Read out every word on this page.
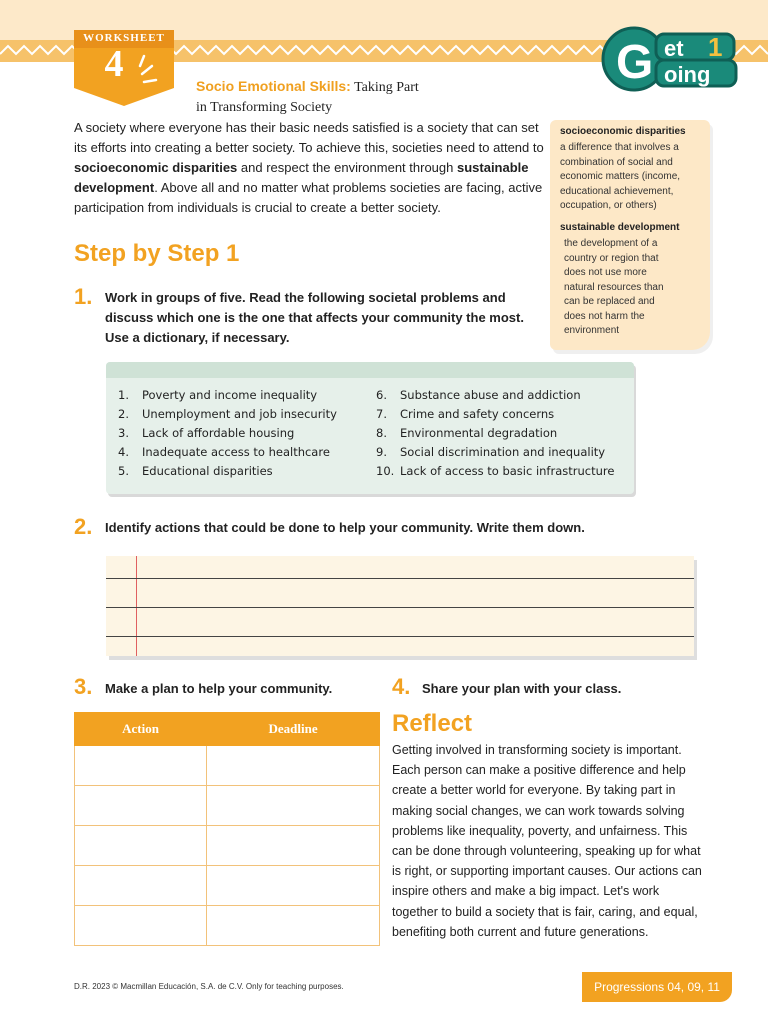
WORKSHEET
4
Socio Emotional Skills: Taking Part
in Transforming Society
G et 1
oing
A society where everyone has their basic needs satisfied is a society that can set its efforts into creating a better society. To achieve this, societies need to attend to socioeconomic disparities and respect the environment through sustainable development. Above all and no matter what problems societies are facing, active participation from individuals is crucial to create a better society.
socioeconomic disparities
a difference that involves a
combination of social and
economic matters (income,
educational achievement,
occupation, or others)
sustainable development
the development of a
country or region that
does not use more
natural resources than
can be replaced and
does not harm the
environment
Step by Step 1
1. Work in groups of five. Read the following societal problems and
discuss which one is the one that affects your community the most.
Use a dictionary, if necessary.
1. Poverty and income inequality
2. Unemployment and job insecurity
3. Lack of affordable housing
4. Inadequate access to healthcare
5. Educational disparities
6. Substance abuse and addiction
7. Crime and safety concerns
8. Environmental degradation
9. Social discrimination and inequality
10. Lack of access to basic infrastructure
2. Identify actions that could be done to help your community. Write them down.
3. Make a plan to help your community.	4. Share your plan with your class.
Action	Deadline

		Reflect
Getting involved in transforming society is important. Each person can make a positive difference and help create a better world for everyone. By taking part in making social changes, we can work towards solving problems like inequality, poverty, and unfairness. This can be done through volunteering, speaking up for what is right, or supporting important causes. Our actions can inspire others and make a big impact. Let's work together to build a society that is fair, caring, and equal, benefiting both current and future generations.
D.R. 2023 © Macmillan Educación, S.A. de C.V. Only for teaching purposes.	Progressions 04, 09, 11
